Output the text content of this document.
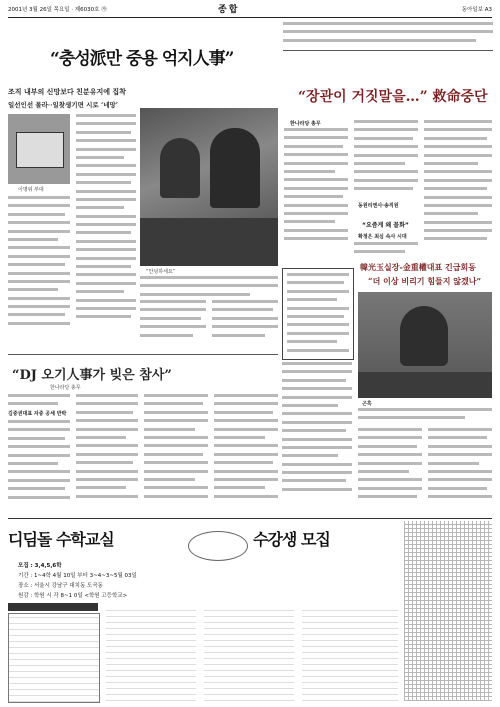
2001년 3월 26일 목요일 · 제6030호 ㉮	종합	동아일보 A3
“충성派만 중용 억지人事”
조직 내부의 신망보다 친분유지에 집착
일선인선 몰라··일찾생기면 시로 ‘네망’
이명위 부대
“안녕하세요”
“장관이 거짓말을…” 救命중단
한나라당 총무
동원리엔사·송직원
“요즘게 왜 꼴화”
확정은 최심 속사 시대
韓光玉실장-金重權대표 긴급회동
“더 이상 비리기 힘들지 않겠나”
곤혹
“DJ 오기人事가 빚은 참사”
한나라당 총무
김중권대표 자중 공세 반박
디딤돌 수학교실	수강생 모집
모집 : 3,4,5,6학
기간 : 1~4학 4월 10일 부터 3~4~3~5월 03일
장소 : 서울시 강남구 대치동 도곡동
원감 : 학원 시 각 8~1 0일 <학원 고등학교>
